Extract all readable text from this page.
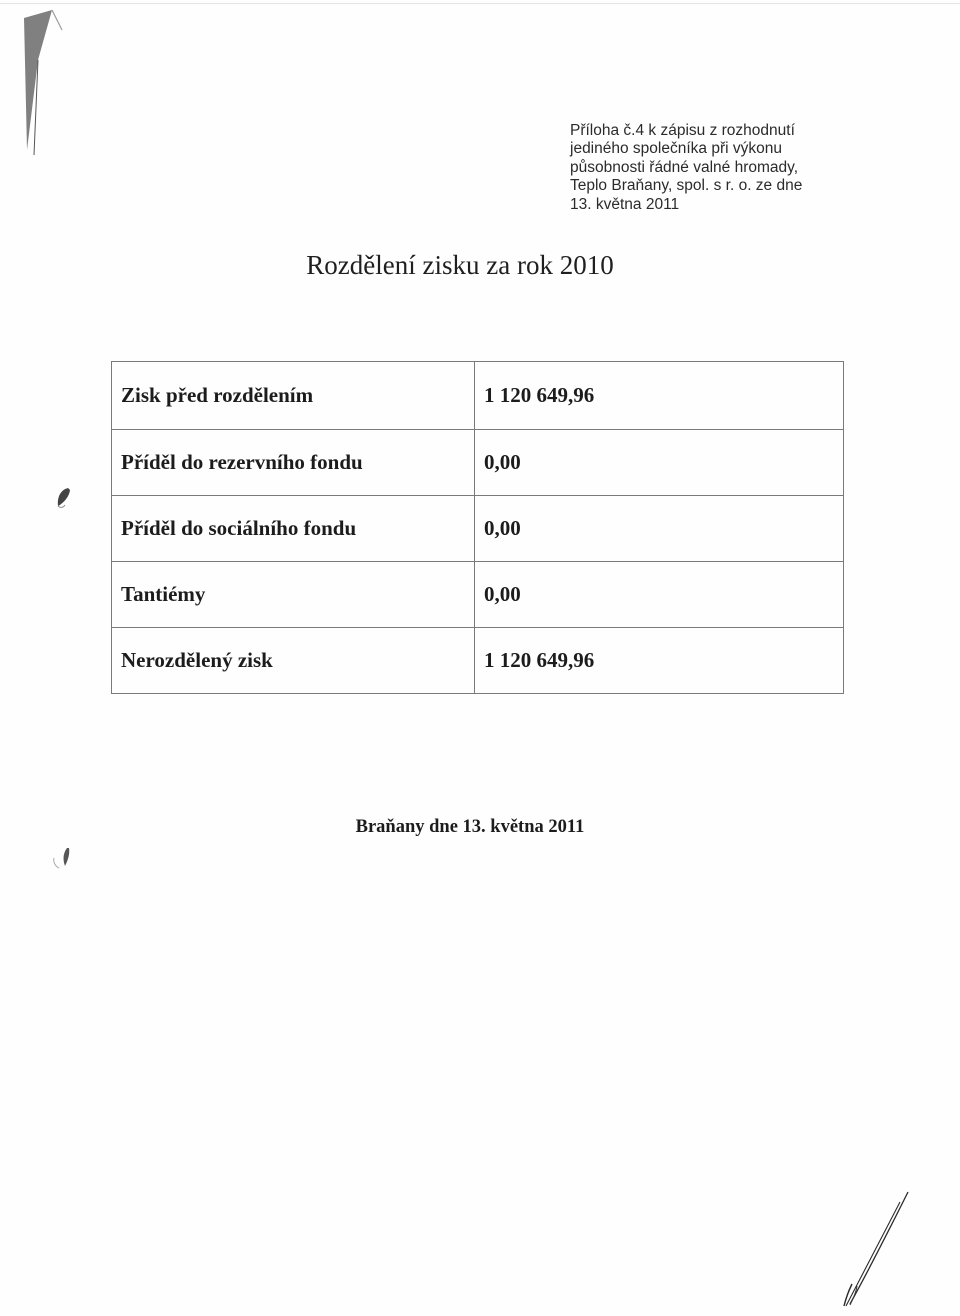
Příloha č.4 k zápisu z rozhodnutí
jediného společníka při výkonu
působnosti řádné valné hromady,
Teplo Braňany, spol. s r. o. ze dne
13. května 2011
Rozdělení zisku za rok 2010
Zisk před rozdělením	1 120 649,96
Příděl do rezervního fondu	0,00
Příděl do sociálního fondu	0,00
Tantiémy	0,00
Nerozdělený zisk	1 120 649,96
Braňany dne 13. května 2011
